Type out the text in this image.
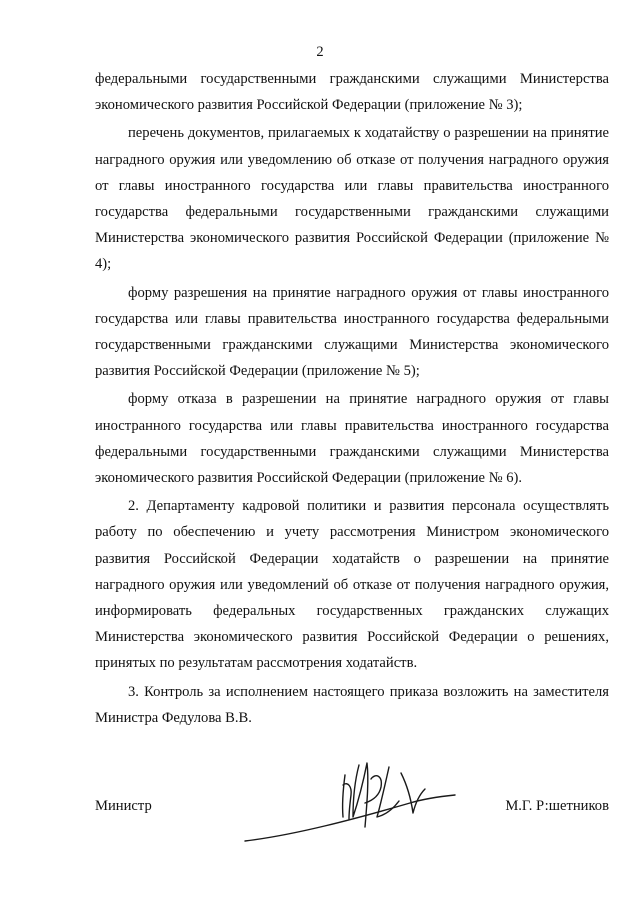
2

федеральными государственными гражданскими служащими Министерства экономического развития Российской Федерации (приложение № 3);

перечень документов, прилагаемых к ходатайству о разрешении на принятие наградного оружия или уведомлению об отказе от получения наградного оружия от главы иностранного государства или главы правительства иностранного государства федеральными государственными гражданскими служащими Министерства экономического развития Российской Федерации (приложение № 4);

форму разрешения на принятие наградного оружия от главы иностранного государства или главы правительства иностранного государства федеральными государственными гражданскими служащими Министерства экономического развития Российской Федерации (приложение № 5);

форму отказа в разрешении на принятие наградного оружия от главы иностранного государства или главы правительства иностранного государства федеральными государственными гражданскими служащими Министерства экономического развития Российской Федерации (приложение № 6).

2. Департаменту кадровой политики и развития персонала осуществлять работу по обеспечению и учету рассмотрения Министром экономического развития Российской Федерации ходатайств о разрешении на принятие наградного оружия или уведомлений об отказе от получения наградного оружия, информировать федеральных государственных гражданских служащих Министерства экономического развития Российской Федерации о решениях, принятых по результатам рассмотрения ходатайств.

3. Контроль за исполнением настоящего приказа возложить на заместителя Министра Федулова В.В.

Министр	М.Г. Р:шетников
